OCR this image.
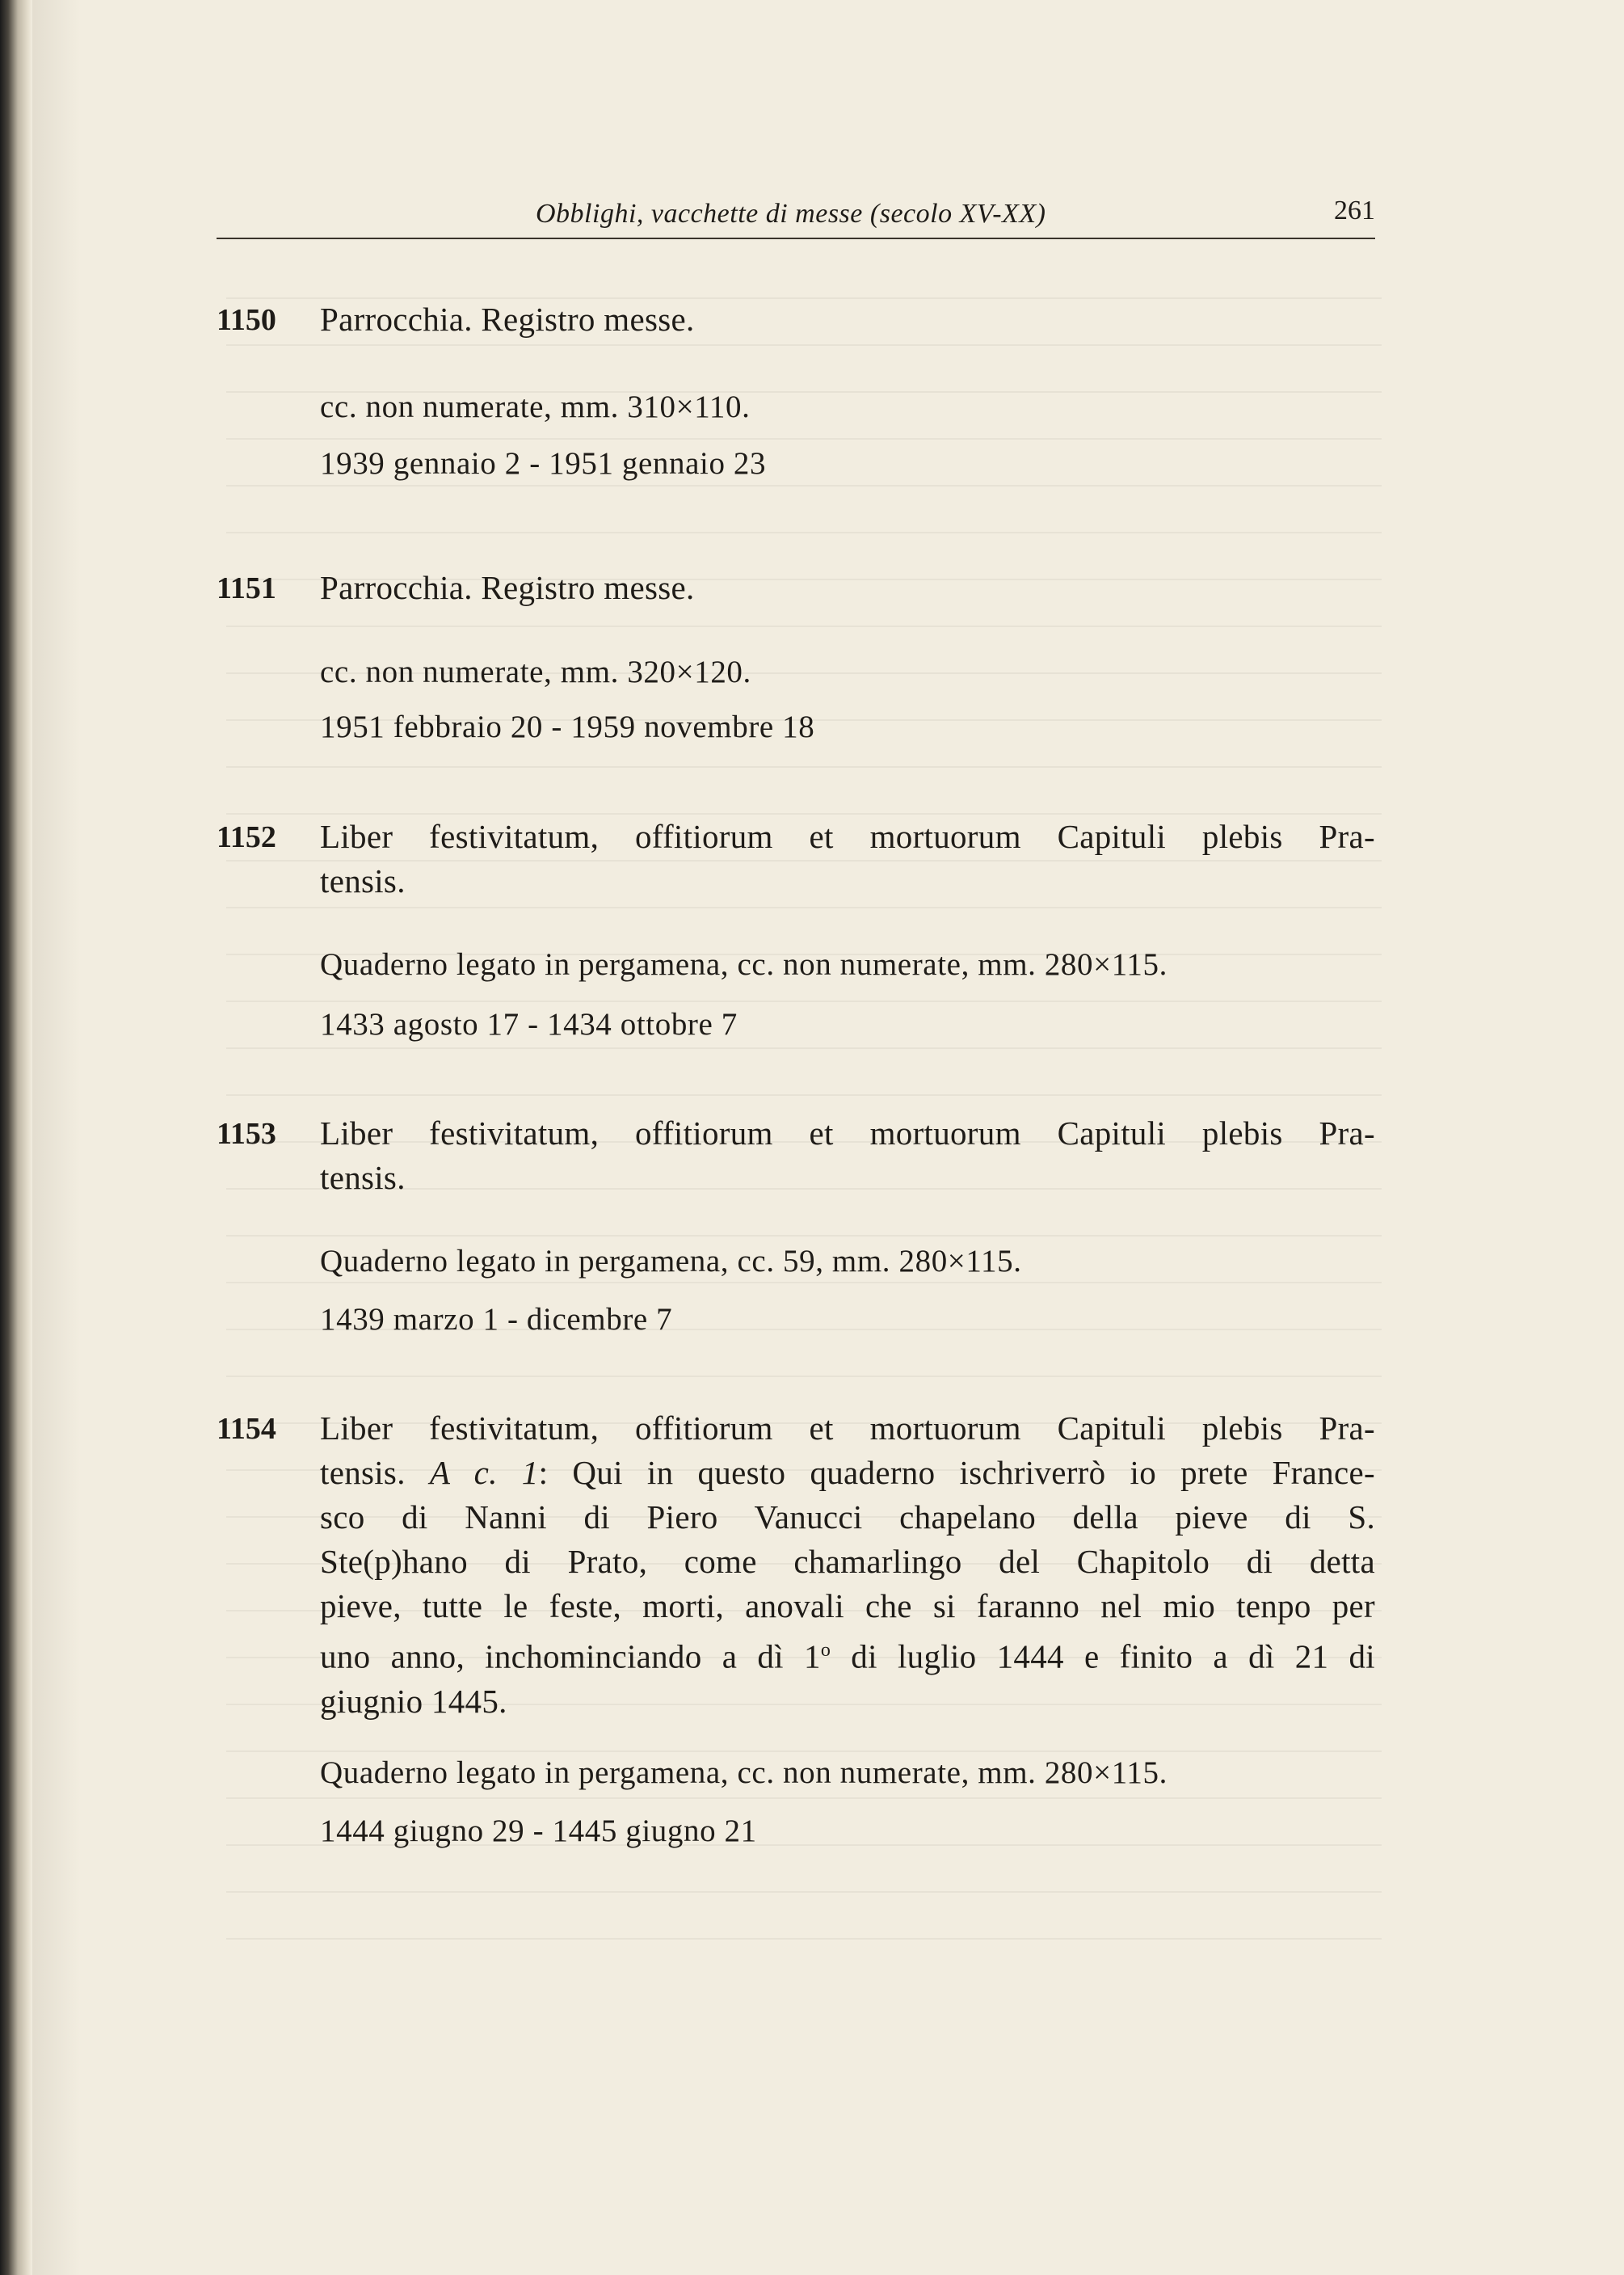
Obblighi, vacchette di messe (secolo XV-XX)	261
1150 Parrocchia. Registro messe.
cc. non numerate, mm. 310×110.
1939 gennaio 2 - 1951 gennaio 23
1151 Parrocchia. Registro messe.
cc. non numerate, mm. 320×120.
1951 febbraio 20 - 1959 novembre 18
1152 Liber festivitatum, offitiorum et mortuorum Capituli plebis Pra-
tensis.
Quaderno legato in pergamena, cc. non numerate, mm. 280×115.
1433 agosto 17 - 1434 ottobre 7
1153 Liber festivitatum, offitiorum et mortuorum Capituli plebis Pra-
tensis.
Quaderno legato in pergamena, cc. 59, mm. 280×115.
1439 marzo 1 - dicembre 7
1154 Liber festivitatum, offitiorum et mortuorum Capituli plebis Pra-
tensis. A c. 1: Qui in questo quaderno ischriverrò io prete France-
sco di Nanni di Piero Vanucci chapelano della pieve di S.
Ste(p)hano di Prato, come chamarlingo del Chapitolo di detta
pieve, tutte le feste, morti, anovali che si faranno nel mio tenpo per
uno anno, inchominciando a dì 1$^o$ di luglio 1444 e finito a dì 21 di
giugnio 1445.
Quaderno legato in pergamena, cc. non numerate, mm. 280×115.
1444 giugno 29 - 1445 giugno 21
